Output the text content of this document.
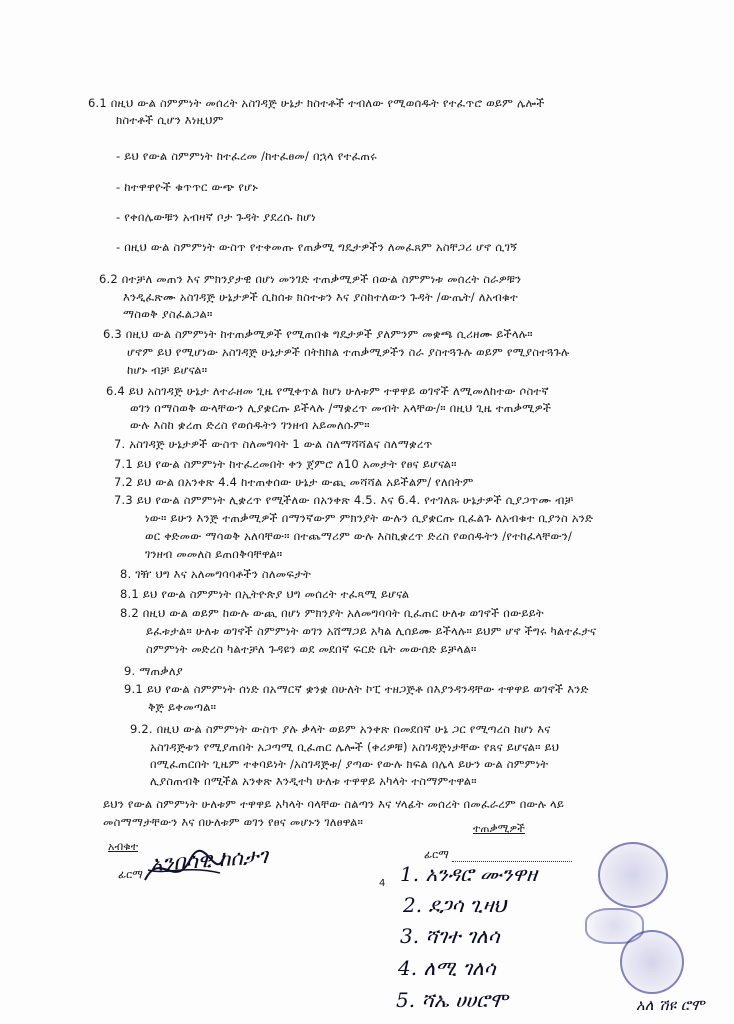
6.1 በዚህ ውል ስምምነት መሰረት አስገዳጅ ሁኔታ ክስተቶች ተብለው የሚወሰዱት የተፈጥሮ ወይም ሌሎች
ክስተቶች ሲሆን እነዚህም
- ይህ የውል ስምምነት ከተፈረመ /ከተፈፀመ/ በኋላ የተፈጠሩ
- ከተዋዋዮች ቁጥጥር ውጭ የሆኑ
- የቀበሌውቹን አብዛኛ ቦታ ጉዳት ያደረሱ ከሆነ
- በዚህ ውል ስምምነት ውስጥ የተቀመጡ የጠቃሚ ግዴታዎችን ለመፈጸም አስቸጋሪ ሆኖ ሲገኝ
6.2 በተቻለ መጠን እና ምክንያታዊ በሆነ መንገድ ተጠቃሚዎች በውል ስምምነቱ መሰረት ስራዎቹን
እንዲፈጽሙ አስገዳጅ ሁኔታዎች ሲከሰቱ ክስተቱን እና ያስከተለውን ጉዳት /ውጤት/ ለአብቁተ
ማስወቅ ያስፈልጋል።
6.3 በዚህ ውል ስምምነት ከተጠቃሚዎች የሚጠበቁ ግዴታዎች ያለምንም መቋጫ ሲሪዘሙ ይችላሉ።
ሆኖም ይህ የሚሆነው አስገዳጅ ሁኔታዎች በትክክል ተጠቃሚዎችን ስራ ያስተጓጉሉ ወይም የሚያስተጓጉሉ
ከሆኑ ብቻ ይሆናል።
6.4 ይህ አስገዳጅ ሁኔታ ለተራዘመ ጊዜ የሚቀጥል ከሆነ ሁለቱም ተዋዋይ ወገኖች ለሚመለከተው ሶስተኛ
ወገን በማስወቅ ውላቸውን ሊያቋርጡ ይችላሉ /ማቋረጥ መብት አላቸው/። በዚህ ጊዜ ተጠቃሚዎች
ውሉ እስከ ቋረጠ ድረስ የወሰዱትን ገንዘብ አይመለሱም።
7. አስገዳጅ ሁኔታዎች ውስጥ ስለመግባት 1 ውል ስለማሻሻልና ስለማቋረጥ
7.1 ይህ የውል ስምምነት ከተፈረመበት ቀን ጀምሮ ለ10 አመታት የፀና ይሆናል።
7.2 ይህ ውል በአንቀጽ 4.4 ከተጠቀሰው ሁኔታ ውጪ መሻሻል አይችልም/ የለበትም
7.3 ይህ የውል ስምምነት ሊቋረጥ የሚችለው በአንቀጽ 4.5. እና 6.4. የተገለጹ ሁኔታዎች ሲያጋጥሙ ብቻ
ነው። ይሁን እንጅ ተጠቃሚዎች በማንኛውም ምክንያት ውሉን ሲያቋርጡ ቢፈልጉ ለአብቁተ ቢያንስ አንድ
ወር ቀድመው ማሳወቅ አለባቸው። በተጨማሪም ውሉ እስኪቋረጥ ድረስ የወሰዱትን /የተከፈላቸውን/
ገንዘብ መመለስ ይጠበቅባቸዋል።
8. ገዥ ህግ እና አለመግባባቶችን ስለመፍታት
8.1 ይህ የውል ስምምነት በኢትዮጵያ ህግ መሰረት ተፈጻሚ ይሆናል
8.2 በዚህ ውል ወይም ከውሉ ውጪ በሆነ ምክንያት አለመግባባት ቢፈጠር ሁለቱ ወገኖች በውይይት
ይፈቱታል። ሁለቱ ወገኖች ስምምነት ወገን አሸማጋይ አካል ሊሰይሙ ይችላሉ። ይህም ሆኖ ችግሩ ካልተፈታና
ስምምነት መድረስ ካልተቻለ ጉዳዩን ወደ መደበኛ ፍርድ ቤት መውሰድ ይቻላል።
9. ማጠቃለያ
9.1 ይህ የውል ስምምነት ሰነድ በአማርኛ ቋንቋ በሁለት ኮፒ ተዘጋጅቶ በእያንዳንዳቸው ተዋዋይ ወገኖች እንድ
ቅጅ ይቀመጣል።
9.2. በዚህ ውል ስምምነት ውስጥ ያሉ ቃላት ወይም አንቀጽ በመደበኛ ሁኔ ጋር የሚጣረስ ከሆነ እና
አስገዳጅቱን የሚያጠበት አጋጣሚ ቢፈጠር ሌሎች (ቀሪዎቹ) አስገዳጅነታቸው የጸና ይሆናል። ይህ
በሚፈጠርበት ጊዜም ተቀባይነት /አስገዳጅቱ/ ያጣው የውሉ ክፍል በሌላ ይሁን ውል ስምምነት
ሊያስጠብቅ በሚችል አንቀጽ እንዲተካ ሁለቱ ተዋዋይ አካላት ተስማምተዋል።
ይህን የውል ስምምነት ሁለቱም ተዋዋይ አካላት ባላቸው ስልጣን እና ሃላፊት መሰረት በመፈራረም በውሉ ላይ
መስማማታቸውን እና በሁለቱም ወገን የፀና መሆኑን ገለፀዋል።
አብቁተ
ፊርማ አንበሳዊ ከሰታገ
4
ተጠቃሚዎች
ፊርማ
1. አንዳሮ ሙንዋዘ
2. ደጋሳ ጊዛህ
3. ሻገተ ገለሳ
4. ለሚ ገለሳ
5. ሻኤ ሀሀሮሞ	አለ ሽዩ ሮሞ
